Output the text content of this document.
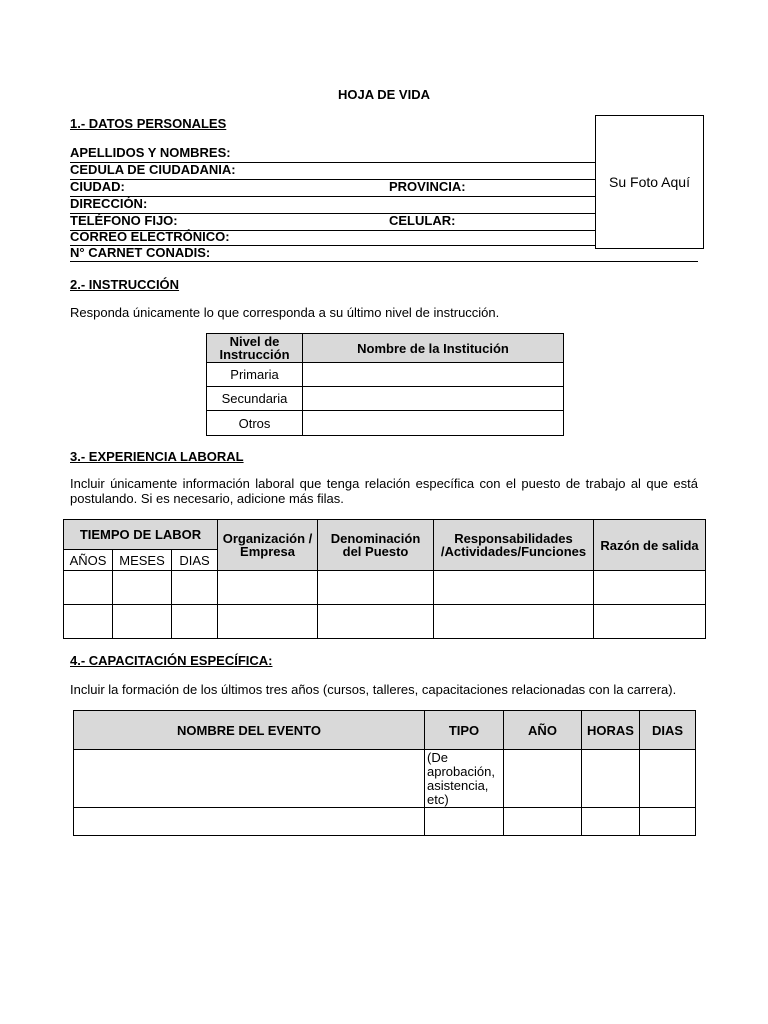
HOJA DE VIDA
1.- DATOS PERSONALES
Su Foto Aquí
APELLIDOS Y NOMBRES:
CEDULA DE CIUDADANIA:
CIUDAD:	PROVINCIA:
DIRECCIÓN:
TELÉFONO FIJO:	CELULAR:
CORREO ELECTRÓNICO:
N° CARNET CONADIS:
2.- INSTRUCCIÓN
Responda únicamente lo que corresponda a su último nivel de instrucción.
Nivel de Instrucción	Nombre de la Institución
Primaria	
Secundaria	
Otros	
3.- EXPERIENCIA LABORAL
Incluir únicamente información laboral que tenga relación específica con el puesto de trabajo al que está postulando. Si es necesario, adicione más filas.
TIEMPO DE LABOR			Organización / Empresa	Denominación del Puesto	Responsabilidades /Actividades/Funciones	Razón de salida
AÑOS	MESES	DIAS				

4.- CAPACITACIÓN ESPECÍFICA:
Incluir la formación de los últimos tres años (cursos, talleres, capacitaciones relacionadas con la carrera).
NOMBRE DEL EVENTO	TIPO	AÑO	HORAS	DIAS
	(De aprobación, asistencia, etc)			
